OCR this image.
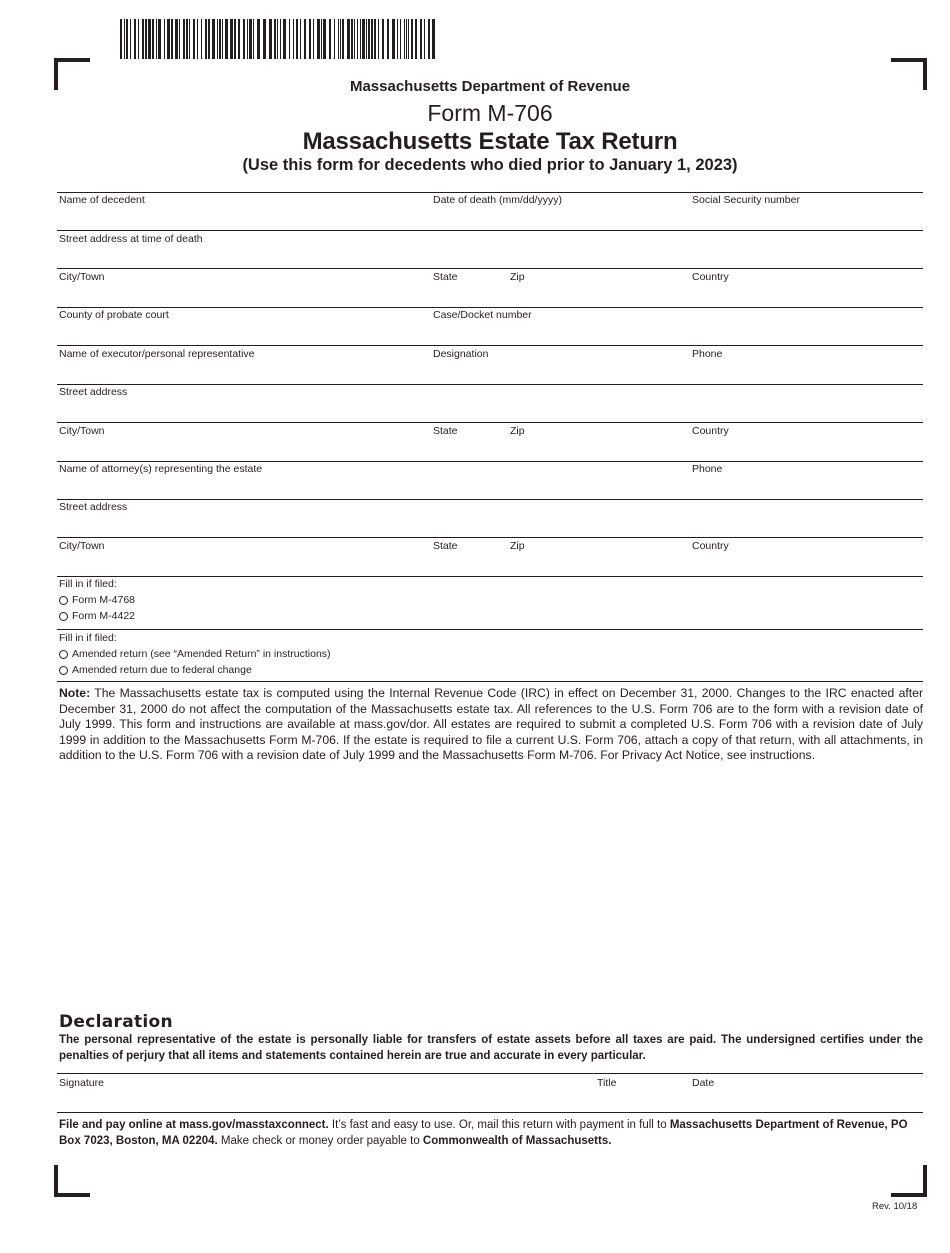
Massachusetts Department of Revenue
Form M-706
Massachusetts Estate Tax Return
(Use this form for decedents who died prior to January 1, 2023)
Name of decedent	Date of death (mm/dd/yyyy)	Social Security number
Street address at time of death
City/Town	State	Zip	Country
County of probate court	Case/Docket number
Name of executor/personal representative	Designation	Phone
Street address
City/Town	State	Zip	Country
Name of attorney(s) representing the estate	Phone
Street address
City/Town	State	Zip	Country
Fill in if filed:
Form M-4768
Form M-4422
Fill in if filed:
Amended return (see “Amended Return” in instructions)
Amended return due to federal change
Note: The Massachusetts estate tax is computed using the Internal Revenue Code (IRC) in effect on December 31, 2000. Changes to the IRC enacted after December 31, 2000 do not affect the computation of the Massachusetts estate tax. All references to the U.S. Form 706 are to the form with a revision date of July 1999. This form and instructions are available at mass.gov/dor. All estates are required to submit a completed U.S. Form 706 with a revision date of July 1999 in addition to the Massachusetts Form M-706. If the estate is required to file a current U.S. Form 706, attach a copy of that return, with all attachments, in addition to the U.S. Form 706 with a revision date of July 1999 and the Massachusetts Form M-706. For Privacy Act Notice, see instructions.
Declaration
The personal representative of the estate is personally liable for transfers of estate assets before all taxes are paid. The undersigned certifies under the penalties of perjury that all items and statements contained herein are true and accurate in every particular.
Signature	Title	Date
File and pay online at mass.gov/masstaxconnect. It’s fast and easy to use. Or, mail this return with payment in full to Massachusetts Department of Revenue, PO Box 7023, Boston, MA 02204. Make check or money order payable to Commonwealth of Massachusetts.
Rev. 10/18
